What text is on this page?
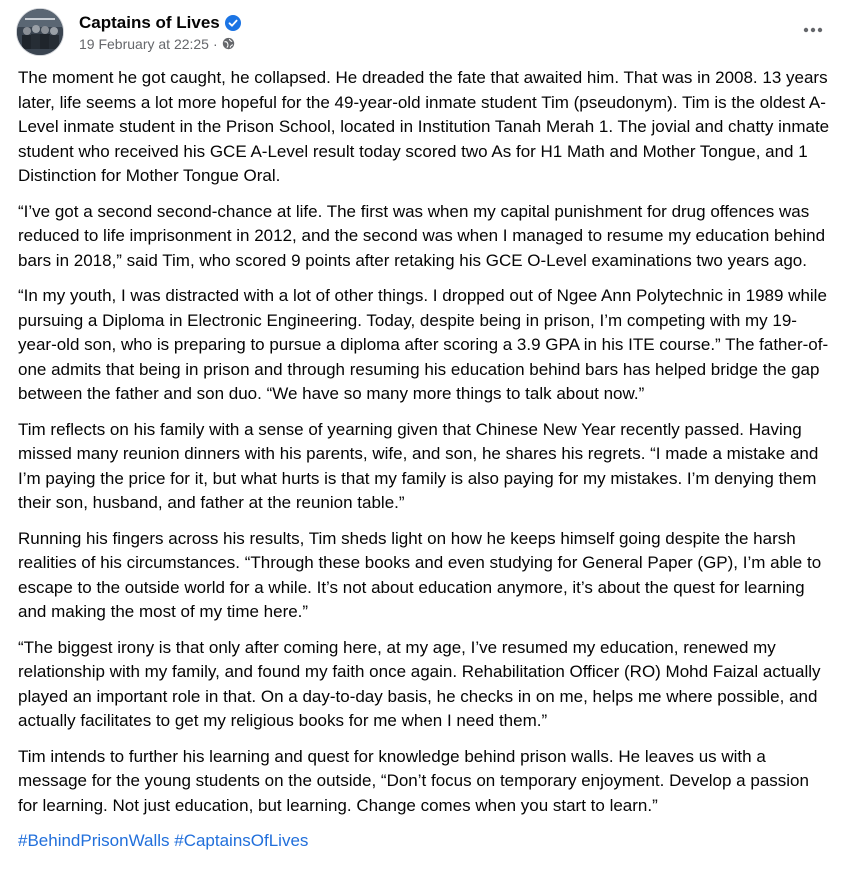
Captains of Lives
19 February at 22:25 ·

The moment he got caught, he collapsed. He dreaded the fate that awaited him. That was in 2008. 13 years later, life seems a lot more hopeful for the 49-year-old inmate student Tim (pseudonym). Tim is the oldest A-Level inmate student in the Prison School, located in Institution Tanah Merah 1. The jovial and chatty inmate student who received his GCE A-Level result today scored two As for H1 Math and Mother Tongue, and 1 Distinction for Mother Tongue Oral.

“I’ve got a second second-chance at life. The first was when my capital punishment for drug offences was reduced to life imprisonment in 2012, and the second was when I managed to resume my education behind bars in 2018,” said Tim, who scored 9 points after retaking his GCE O-Level examinations two years ago.

“In my youth, I was distracted with a lot of other things. I dropped out of Ngee Ann Polytechnic in 1989 while pursuing a Diploma in Electronic Engineering. Today, despite being in prison, I’m competing with my 19-year-old son, who is preparing to pursue a diploma after scoring a 3.9 GPA in his ITE course.” The father-of-one admits that being in prison and through resuming his education behind bars has helped bridge the gap between the father and son duo. “We have so many more things to talk about now.”

Tim reflects on his family with a sense of yearning given that Chinese New Year recently passed. Having missed many reunion dinners with his parents, wife, and son, he shares his regrets. “I made a mistake and I’m paying the price for it, but what hurts is that my family is also paying for my mistakes. I’m denying them their son, husband, and father at the reunion table.”

Running his fingers across his results, Tim sheds light on how he keeps himself going despite the harsh realities of his circumstances. “Through these books and even studying for General Paper (GP), I’m able to escape to the outside world for a while. It’s not about education anymore, it’s about the quest for learning and making the most of my time here.”

“The biggest irony is that only after coming here, at my age, I’ve resumed my education, renewed my relationship with my family, and found my faith once again. Rehabilitation Officer (RO) Mohd Faizal actually played an important role in that. On a day-to-day basis, he checks in on me, helps me where possible, and actually facilitates to get my religious books for me when I need them.”

Tim intends to further his learning and quest for knowledge behind prison walls. He leaves us with a message for the young students on the outside, “Don’t focus on temporary enjoyment. Develop a passion for learning. Not just education, but learning. Change comes when you start to learn.”

#BehindPrisonWalls #CaptainsOfLives
